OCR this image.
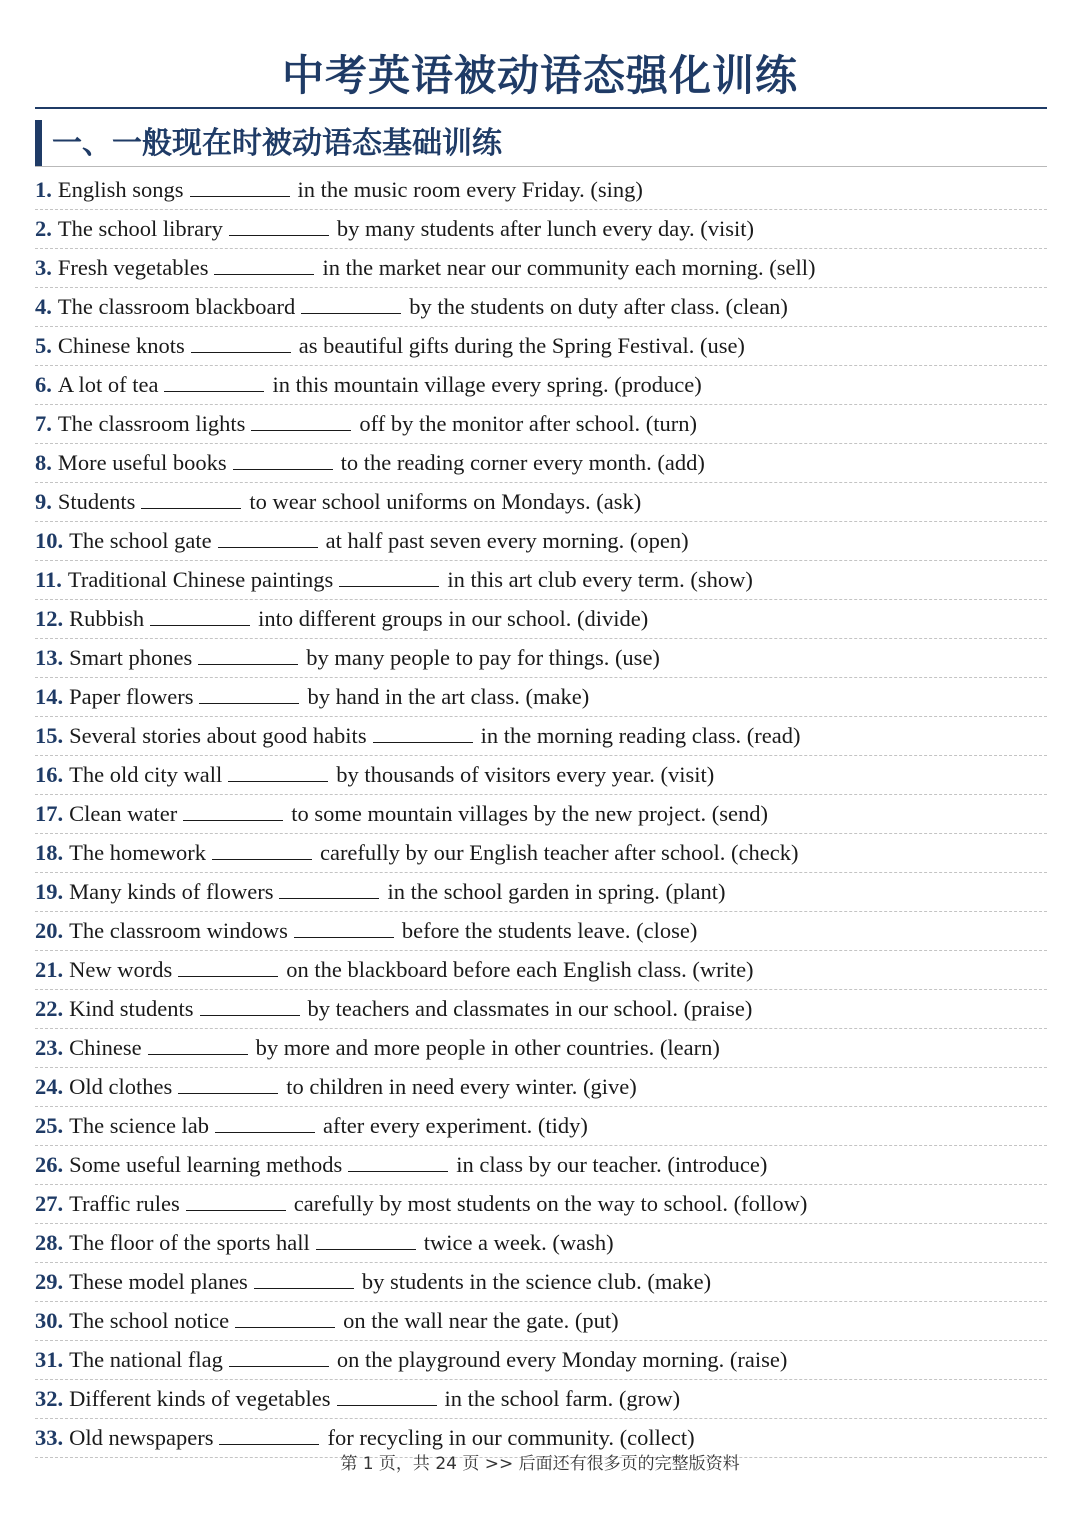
中考英语被动语态强化训练
一、一般现在时被动语态基础训练
1. English songs	in the music room every Friday. (sing)
2. The school library	by many students after lunch every day. (visit)
3. Fresh vegetables	in the market near our community each morning. (sell)
4. The classroom blackboard	by the students on duty after class. (clean)
5. Chinese knots	as beautiful gifts during the Spring Festival. (use)
6. A lot of tea	in this mountain village every spring. (produce)
7. The classroom lights	off by the monitor after school. (turn)
8. More useful books	to the reading corner every month. (add)
9. Students	to wear school uniforms on Mondays. (ask)
10. The school gate	at half past seven every morning. (open)
11. Traditional Chinese paintings	in this art club every term. (show)
12. Rubbish	into different groups in our school. (divide)
13. Smart phones	by many people to pay for things. (use)
14. Paper flowers	by hand in the art class. (make)
15. Several stories about good habits	in the morning reading class. (read)
16. The old city wall	by thousands of visitors every year. (visit)
17. Clean water	to some mountain villages by the new project. (send)
18. The homework	carefully by our English teacher after school. (check)
19. Many kinds of flowers	in the school garden in spring. (plant)
20. The classroom windows	before the students leave. (close)
21. New words	on the blackboard before each English class. (write)
22. Kind students	by teachers and classmates in our school. (praise)
23. Chinese	by more and more people in other countries. (learn)
24. Old clothes	to children in need every winter. (give)
25. The science lab	after every experiment. (tidy)
26. Some useful learning methods	in class by our teacher. (introduce)
27. Traffic rules	carefully by most students on the way to school. (follow)
28. The floor of the sports hall	twice a week. (wash)
29. These model planes	by students in the science club. (make)
30. The school notice	on the wall near the gate. (put)
31. The national flag	on the playground every Monday morning. (raise)
32. Different kinds of vegetables	in the school farm. (grow)
33. Old newspapers	for recycling in our community. (collect)
第 1 页，共 24 页 >> 后面还有很多页的完整版资料
